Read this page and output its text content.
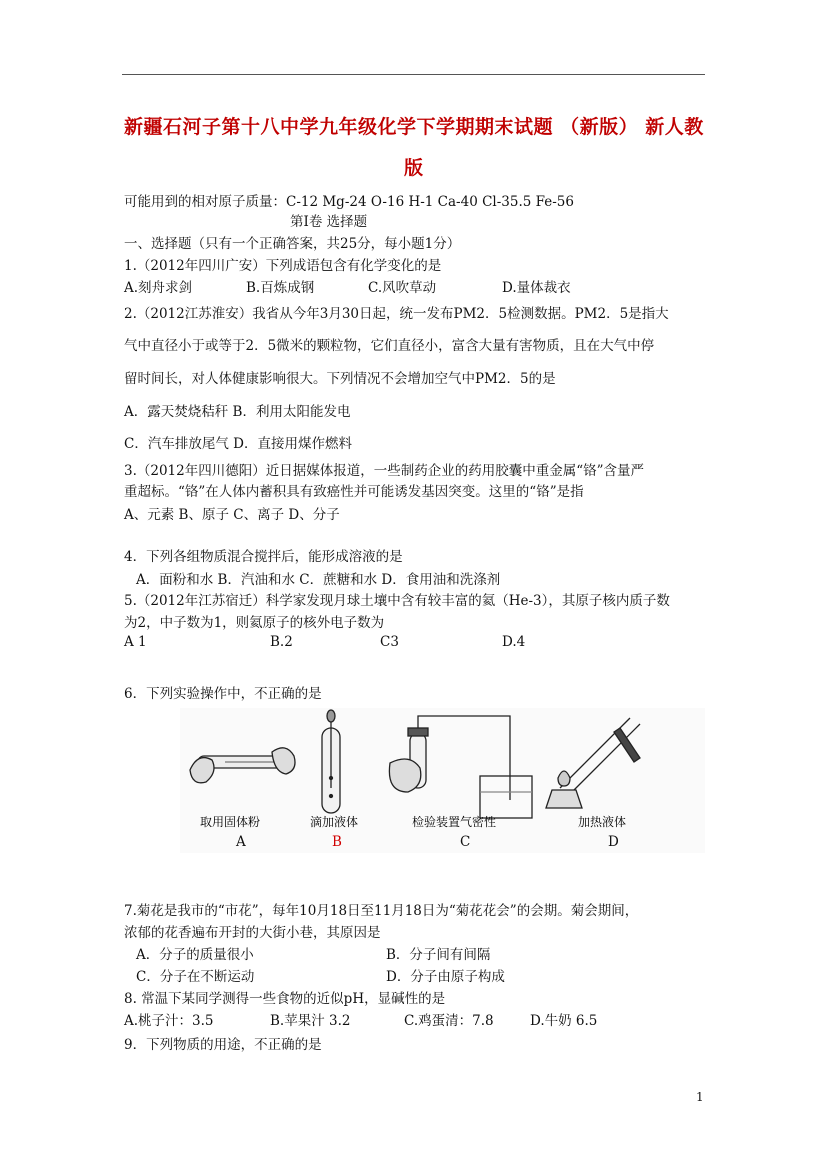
新疆石河子第十八中学九年级化学下学期期末试题 （新版） 新人教
版
可能用到的相对原子质量：C-12 Mg-24 O-16 H-1 Ca-40 Cl-35.5 Fe-56
第Ⅰ卷 选择题
一、选择题（只有一个正确答案，共25分，每小题1分）
1.（2012年四川广安）下列成语包含有化学变化的是
A.刻舟求剑	B.百炼成钢	C.风吹草动	D.量体裁衣
2.（2012江苏淮安）我省从今年3月30日起，统一发布PM2．5检测数据。PM2．5是指大
气中直径小于或等于2．5微米的颗粒物，它们直径小，富含大量有害物质，且在大气中停
留时间长，对人体健康影响很大。下列情况不会增加空气中PM2．5的是
A．露天焚烧秸秆 B．利用太阳能发电
C．汽车排放尾气 D．直接用煤作燃料
3.（2012年四川德阳）近日据媒体报道，一些制药企业的药用胶囊中重金属“铬”含量严
重超标。“铬”在人体内蓄积具有致癌性并可能诱发基因突变。这里的“铬”是指
A、元素 B、原子 C、离子 D、分子
4．下列各组物质混合搅拌后，能形成溶液的是
A．面粉和水 B．汽油和水 C．蔗糖和水 D．食用油和洗涤剂
5.（2012年江苏宿迁）科学家发现月球土壤中含有较丰富的氦（He-3），其原子核内质子数
为2，中子数为1，则氦原子的核外电子数为
A 1	B.2	C3	D.4
6．下列实验操作中，不正确的是
取用固体粉	滴加液体	检验装置气密性	加热液体
A	B	C	D
7.菊花是我市的“市花”，每年10月18日至11月18日为“菊花花会”的会期。菊会期间，
浓郁的花香遍布开封的大街小巷，其原因是
A．分子的质量很小	B．分子间有间隔
C．分子在不断运动	D．分子由原子构成
8. 常温下某同学测得一些食物的近似pH，显碱性的是
A.桃子汁：3.5	B.苹果汁 3.2	C.鸡蛋清：7.8	D.牛奶 6.5
9．下列物质的用途，不正确的是
1
